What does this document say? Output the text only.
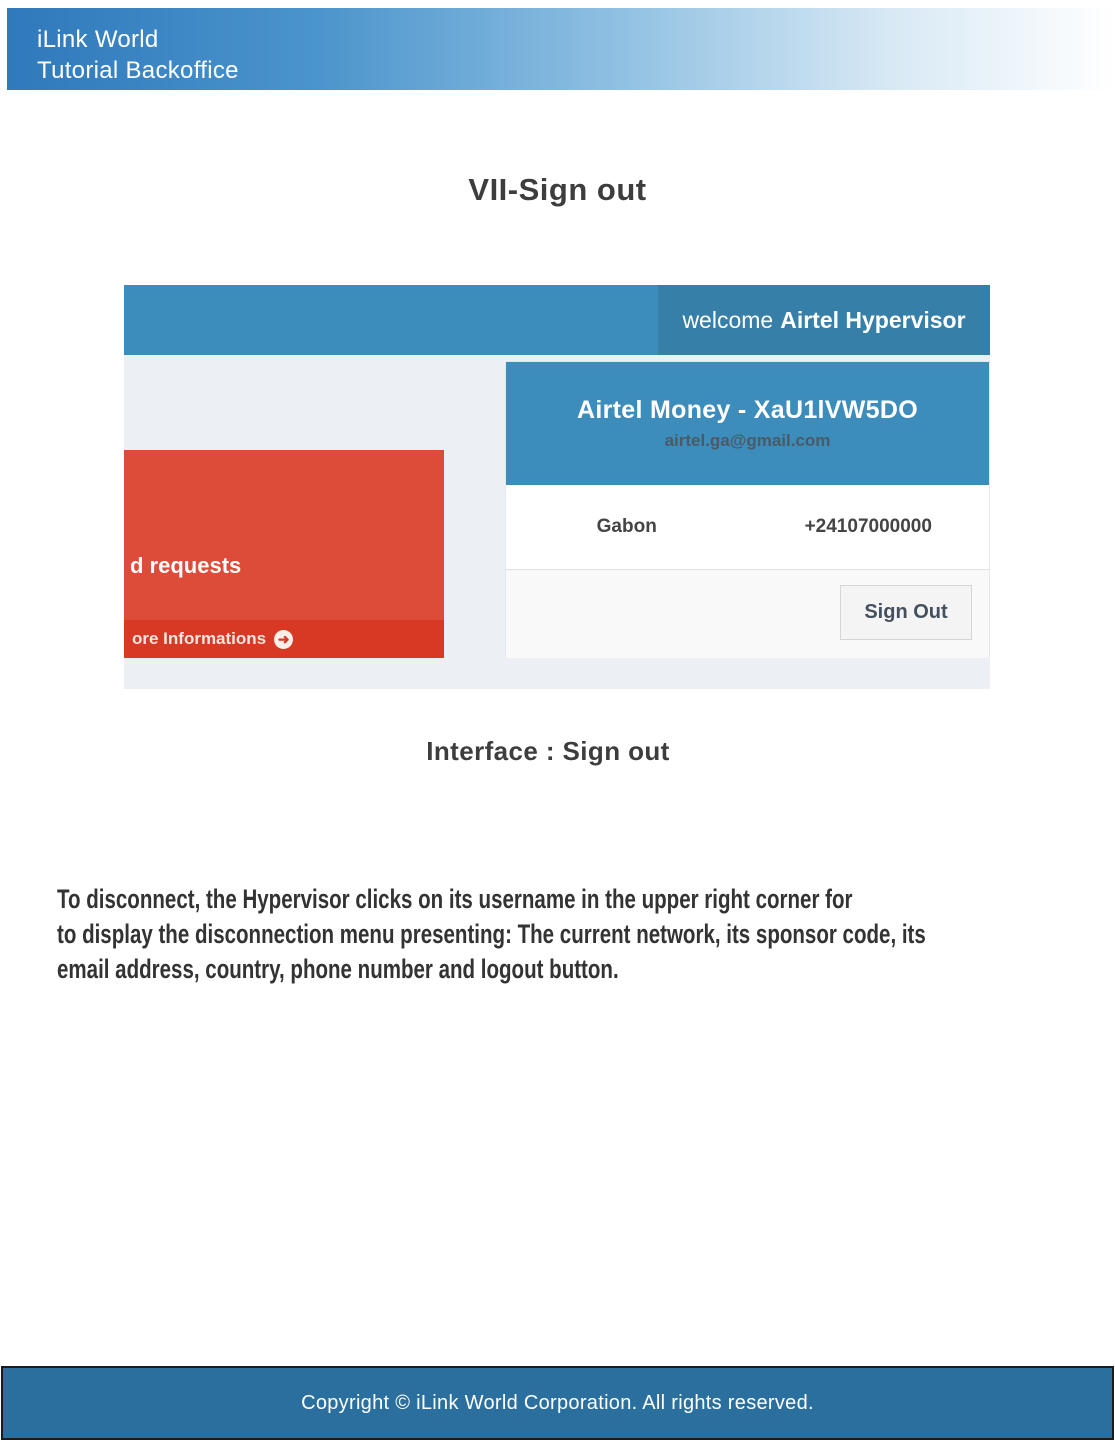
iLink World
Tutorial Backoffice
VII-Sign out
welcome Airtel Hypervisor
d requests
ore Informations ➜
Airtel Money - XaU1lVW5DO
airtel.ga@gmail.com
Gabon	+24107000000
Sign Out
Interface : Sign out
To disconnect, the Hypervisor clicks on its username in the upper right corner for
to display the disconnection menu presenting: The current network, its sponsor code, its
email address, country, phone number and logout button.
Copyright © iLink World Corporation. All rights reserved.
